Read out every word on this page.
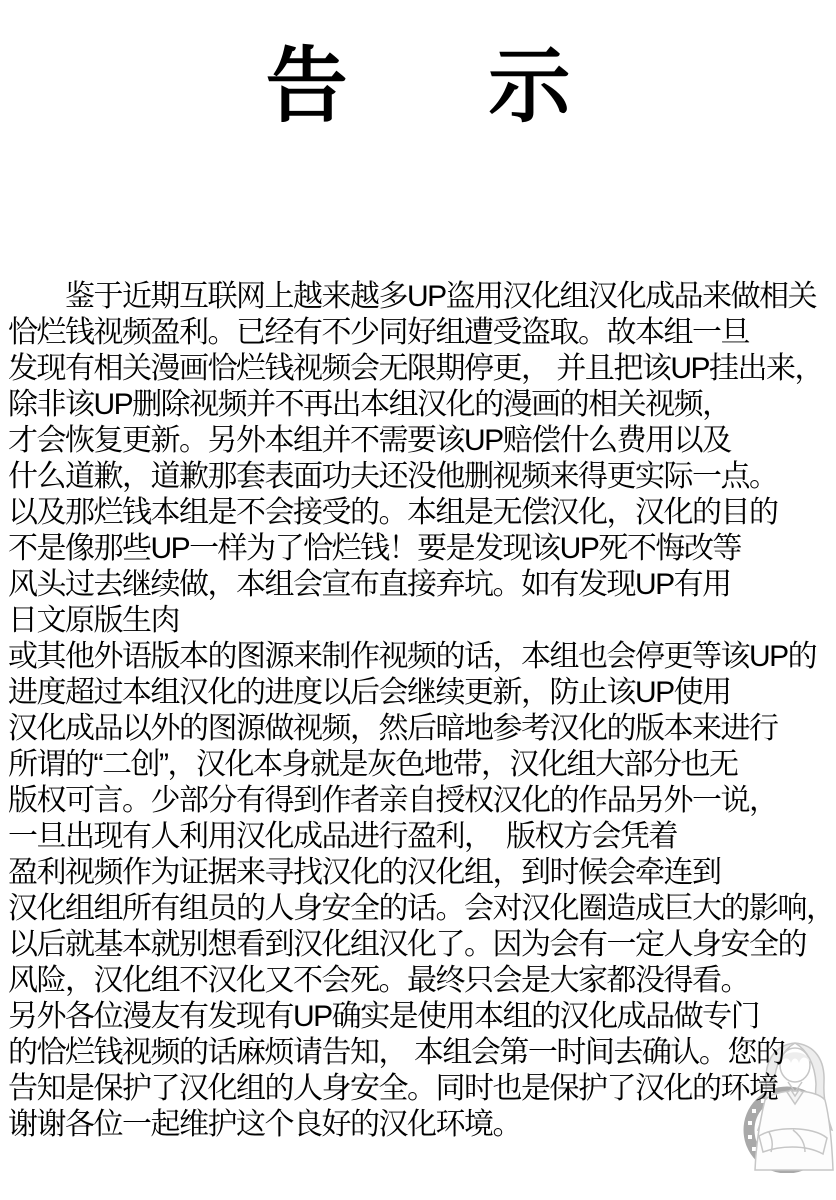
告 示
　　鉴于近期互联网上越来越多UP盗用汉化组汉化成品来做相关
恰烂钱视频盈利。已经有不少同好组遭受盗取。故本组一旦
发现有相关漫画恰烂钱视频会无限期停更， 并且把该UP挂出来，
除非该UP删除视频并不再出本组汉化的漫画的相关视频，
才会恢复更新。另外本组并不需要该UP赔偿什么费用以及
什么道歉，道歉那套表面功夫还没他删视频来得更实际一点。
以及那烂钱本组是不会接受的。本组是无偿汉化，汉化的目的
不是像那些UP一样为了恰烂钱！要是发现该UP死不悔改等
风头过去继续做，本组会宣布直接弃坑。如有发现UP有用
日文原版生肉
或其他外语版本的图源来制作视频的话，本组也会停更等该UP的
进度超过本组汉化的进度以后会继续更新，防止该UP使用
汉化成品以外的图源做视频，然后暗地参考汉化的版本来进行
所谓的“二创”，汉化本身就是灰色地带，汉化组大部分也无
版权可言。少部分有得到作者亲自授权汉化的作品另外一说，
一旦出现有人利用汉化成品进行盈利，　版权方会凭着
盈利视频作为证据来寻找汉化的汉化组，到时候会牵连到
汉化组组所有组员的人身安全的话。会对汉化圈造成巨大的影响，
以后就基本就别想看到汉化组汉化了。因为会有一定人身安全的
风险，汉化组不汉化又不会死。最终只会是大家都没得看。
另外各位漫友有发现有UP确实是使用本组的汉化成品做专门
的恰烂钱视频的话麻烦请告知， 本组会第一时间去确认。您的
告知是保护了汉化组的人身安全。同时也是保护了汉化的环境
谢谢各位一起维护这个良好的汉化环境。
